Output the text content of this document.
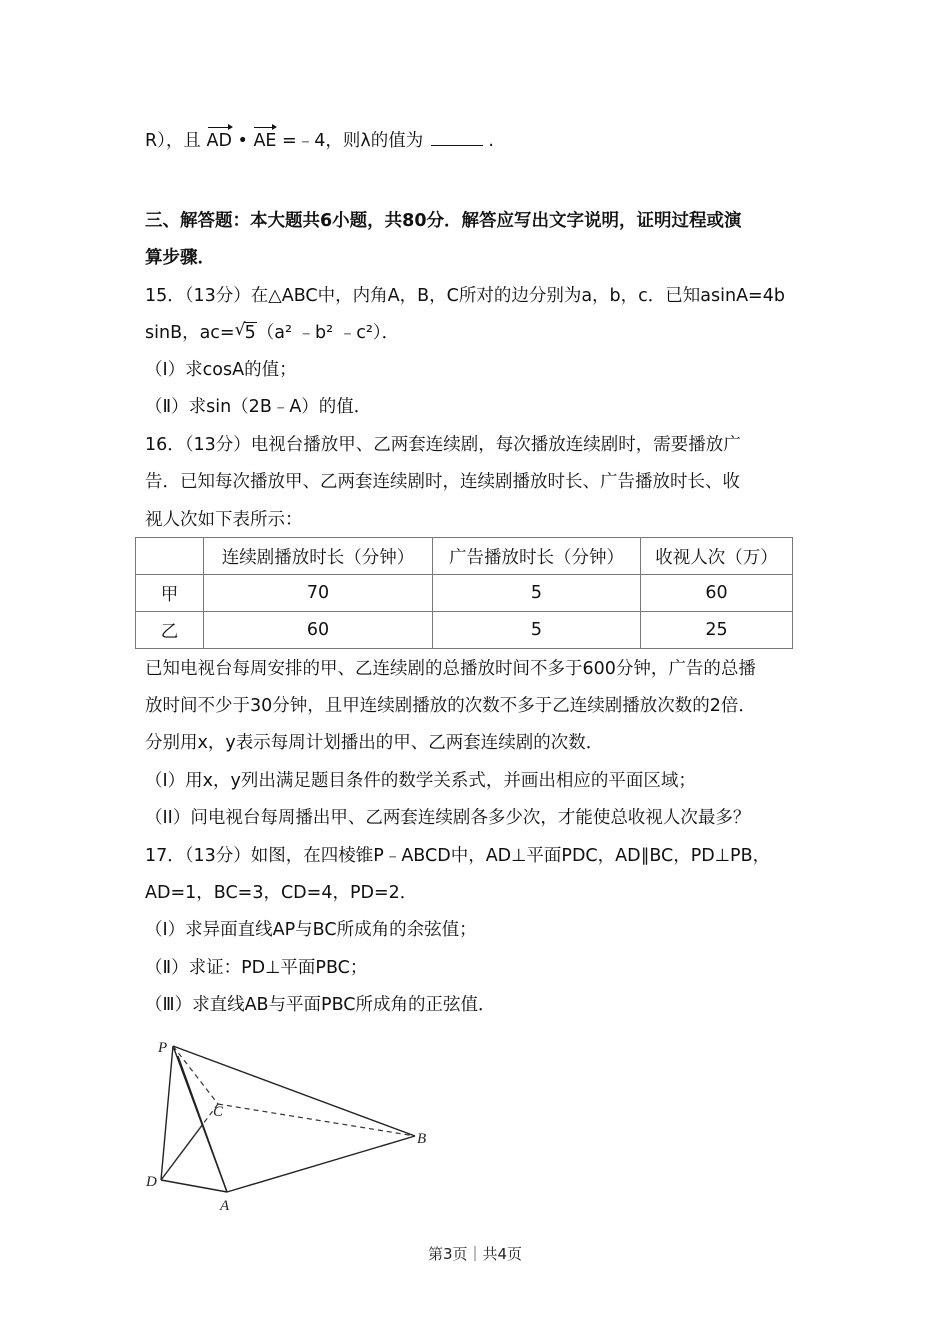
R），且 AD • AE =﹣4，则λ的值为	.
三、解答题：本大题共6小题，共80分．解答应写出文字说明，证明过程或演
算步骤．
15．（13分）在△ABC中，内角A，B，C所对的边分别为a，b，c．已知asinA=4b
sinB，ac= √ 5（a² ﹣b² ﹣c²）．
（Ⅰ）求cosA的值；
（Ⅱ）求sin（2B﹣A）的值．
16．（13分）电视台播放甲、乙两套连续剧，每次播放连续剧时，需要播放广
告．已知每次播放甲、乙两套连续剧时，连续剧播放时长、广告播放时长、收
视人次如下表所示：
	连续剧播放时长（分钟）	广告播放时长（分钟）	收视人次（万）
甲	70	5	60
乙	60	5	25
已知电视台每周安排的甲、乙连续剧的总播放时间不多于600分钟，广告的总播
放时间不少于30分钟，且甲连续剧播放的次数不多于乙连续剧播放次数的2倍．
分别用x，y表示每周计划播出的甲、乙两套连续剧的次数．
（I）用x，y列出满足题目条件的数学关系式，并画出相应的平面区域；
（II）问电视台每周播出甲、乙两套连续剧各多少次，才能使总收视人次最多？
17．（13分）如图，在四棱锥P﹣ABCD中，AD⊥平面PDC，AD∥BC，PD⊥PB，
AD=1，BC=3，CD=4，PD=2．
（Ⅰ）求异面直线AP与BC所成角的余弦值；
（Ⅱ）求证：PD⊥平面PBC；
（Ⅲ）求直线AB与平面PBC所成角的正弦值．
P
C
B
D
A
第3页｜共4页
